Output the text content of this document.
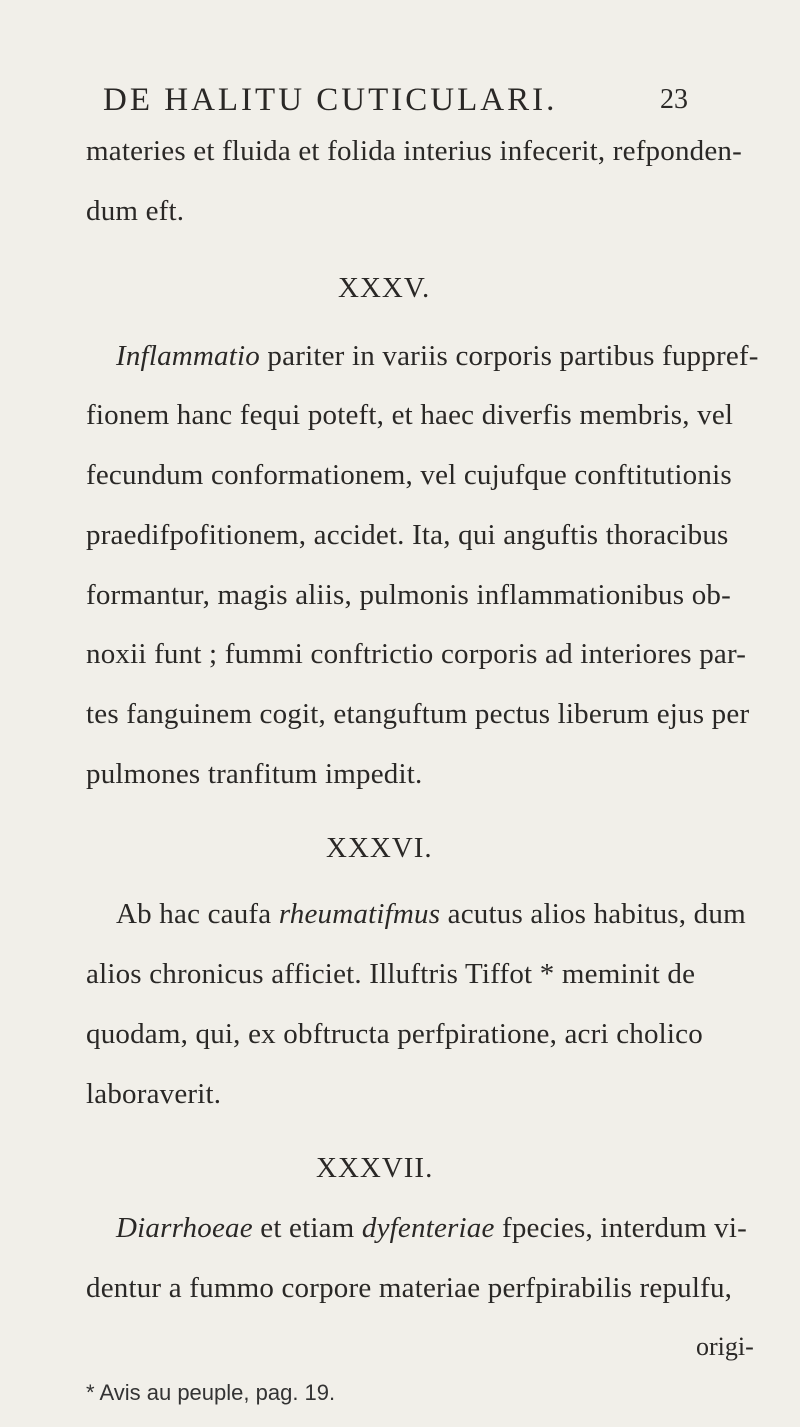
DE HALITU CUTICULARI.	23
materies et fluida et folida interius infecerit, refponden-
dum eft.
XXXV.
Inflammatio pariter in variis corporis partibus fuppref-
fionem hanc fequi poteft, et haec diverfis membris, vel
fecundum conformationem, vel cujufque conftitutionis
praedifpofitionem, accidet. Ita, qui anguftis thoracibus
formantur, magis aliis, pulmonis inflammationibus ob-
noxii funt ; fummi conftrictio corporis ad interiores par-
tes fanguinem cogit, etanguftum pectus liberum ejus per
pulmones tranfitum impedit.
XXXVI.
Ab hac caufa rheumatifmus acutus alios habitus, dum
alios chronicus afficiet. Illuftris Tiffot * meminit de
quodam, qui, ex obftructa perfpiratione, acri cholico
laboraverit.
XXXVII.
Diarrhoeae et etiam dyfenteriae fpecies, interdum vi-
dentur a fummo corpore materiae perfpirabilis repulfu,
origi-
* Avis au peuple, pag. 19.
